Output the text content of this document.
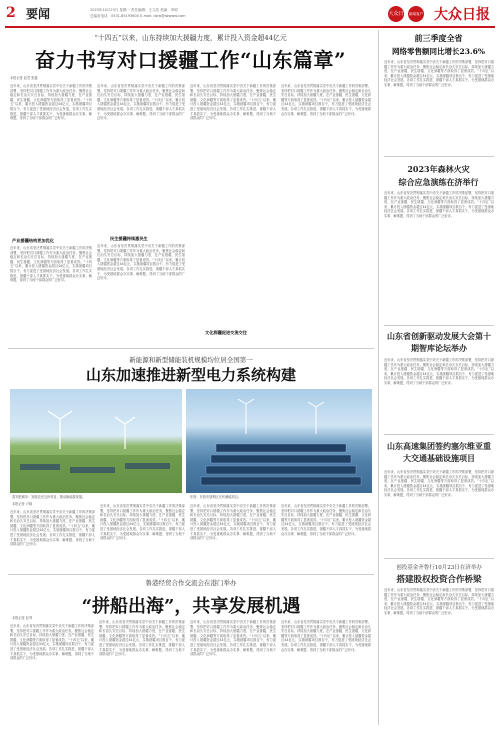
2 要闻	2023年10月23日 星期一 责任编辑：王文浩 美编：李明
总编室电话：0531-85193600 E-mail: dzrb@dzwww.com	大众日报
新闻客户端
大众日报
“十四五”以来，山东持续加大援疆力度，累计投入资金超44亿元
奋力书写对口援疆工作“山东篇章”
本报记者 赵君 张鑫
近年来，山东省坚决贯彻落实党中央关于新疆工作的决策部署，坚持把对口援疆工作作为重大政治任务，聚焦社会稳定和长治久安总目标，持续加大援疆力度，在产业援疆、民生援疆、文化润疆等方面取得了显著成效。“十四五”以来，累计投入援疆资金超过44亿元，实施援疆项目数百个，有力促进了受援地经济社会发展。各项工作扎实推进，援疆干部人才真抓实干，为受援地群众办实事、解难题，得到了当地干部群众的广泛好评。
产业援疆结构更加优化
近年来，山东省坚决贯彻落实党中央关于新疆工作的决策部署，坚持把对口援疆工作作为重大政治任务，聚焦社会稳定和长治久安总目标，持续加大援疆力度，在产业援疆、民生援疆、文化润疆等方面取得了显著成效。“十四五”以来，累计投入援疆资金超过44亿元，实施援疆项目数百个，有力促进了受援地经济社会发展。各项工作扎实推进，援疆干部人才真抓实干，为受援地群众办实事、解难题，得到了当地干部群众的广泛好评。
近年来，山东省坚决贯彻落实党中央关于新疆工作的决策部署，坚持把对口援疆工作作为重大政治任务，聚焦社会稳定和长治久安总目标，持续加大援疆力度，在产业援疆、民生援疆、文化润疆等方面取得了显著成效。“十四五”以来，累计投入援疆资金超过44亿元，实施援疆项目数百个，有力促进了受援地经济社会发展。各项工作扎实推进，援疆干部人才真抓实干，为受援地群众办实事、解难题，得到了当地干部群众的广泛好评。
民生援疆持续惠民生
近年来，山东省坚决贯彻落实党中央关于新疆工作的决策部署，坚持把对口援疆工作作为重大政治任务，聚焦社会稳定和长治久安总目标，持续加大援疆力度，在产业援疆、民生援疆、文化润疆等方面取得了显著成效。“十四五”以来，累计投入援疆资金超过44亿元，实施援疆项目数百个，有力促进了受援地经济社会发展。各项工作扎实推进，援疆干部人才真抓实干，为受援地群众办实事、解难题，得到了当地干部群众的广泛好评。
近年来，山东省坚决贯彻落实党中央关于新疆工作的决策部署，坚持把对口援疆工作作为重大政治任务，聚焦社会稳定和长治久安总目标，持续加大援疆力度，在产业援疆、民生援疆、文化润疆等方面取得了显著成效。“十四五”以来，累计投入援疆资金超过44亿元，实施援疆项目数百个，有力促进了受援地经济社会发展。各项工作扎实推进，援疆干部人才真抓实干，为受援地群众办实事、解难题，得到了当地干部群众的广泛好评。
文化润疆促进交流交往
近年来，山东省坚决贯彻落实党中央关于新疆工作的决策部署，坚持把对口援疆工作作为重大政治任务，聚焦社会稳定和长治久安总目标，持续加大援疆力度，在产业援疆、民生援疆、文化润疆等方面取得了显著成效。“十四五”以来，累计投入援疆资金超过44亿元，实施援疆项目数百个，有力促进了受援地经济社会发展。各项工作扎实推进，援疆干部人才真抓实干，为受援地群众办实事、解难题，得到了当地干部群众的广泛好评。
前三季度全省
网络零售额同比增长23.6%
近年来，山东省坚决贯彻落实党中央关于新疆工作的决策部署，坚持把对口援疆工作作为重大政治任务，聚焦社会稳定和长治久安总目标，持续加大援疆力度，在产业援疆、民生援疆、文化润疆等方面取得了显著成效。“十四五”以来，累计投入援疆资金超过44亿元，实施援疆项目数百个，有力促进了受援地经济社会发展。各项工作扎实推进，援疆干部人才真抓实干，为受援地群众办实事、解难题，得到了当地干部群众的广泛好评。
2023年森林火灾
综合应急演练在济举行
近年来，山东省坚决贯彻落实党中央关于新疆工作的决策部署，坚持把对口援疆工作作为重大政治任务，聚焦社会稳定和长治久安总目标，持续加大援疆力度，在产业援疆、民生援疆、文化润疆等方面取得了显著成效。“十四五”以来，累计投入援疆资金超过44亿元，实施援疆项目数百个，有力促进了受援地经济社会发展。各项工作扎实推进，援疆干部人才真抓实干，为受援地群众办实事、解难题，得到了当地干部群众的广泛好评。
山东省创新驱动发展大会第十期智库论坛举办
近年来，山东省坚决贯彻落实党中央关于新疆工作的决策部署，坚持把对口援疆工作作为重大政治任务，聚焦社会稳定和长治久安总目标，持续加大援疆力度，在产业援疆、民生援疆、文化润疆等方面取得了显著成效。“十四五”以来，累计投入援疆资金超过44亿元，实施援疆项目数百个，有力促进了受援地经济社会发展。各项工作扎实推进，援疆干部人才真抓实干，为受援地群众办实事、解难题，得到了当地干部群众的广泛好评。
山东高速集团签约塞尔维亚重大交通基础设施项目
近年来，山东省坚决贯彻落实党中央关于新疆工作的决策部署，坚持把对口援疆工作作为重大政治任务，聚焦社会稳定和长治久安总目标，持续加大援疆力度，在产业援疆、民生援疆、文化润疆等方面取得了显著成效。“十四五”以来，累计投入援疆资金超过44亿元，实施援疆项目数百个，有力促进了受援地经济社会发展。各项工作扎实推进，援疆干部人才真抓实干，为受援地群众办实事、解难题，得到了当地干部群众的广泛好评。
创投基金齐鲁行10月23日在济举办
搭建股权投资合作桥梁
近年来，山东省坚决贯彻落实党中央关于新疆工作的决策部署，坚持把对口援疆工作作为重大政治任务，聚焦社会稳定和长治久安总目标，持续加大援疆力度，在产业援疆、民生援疆、文化润疆等方面取得了显著成效。“十四五”以来，累计投入援疆资金超过44亿元，实施援疆项目数百个，有力促进了受援地经济社会发展。各项工作扎实推进，援疆干部人才真抓实干，为受援地群众办实事、解难题，得到了当地干部群众的广泛好评。
新能源和新型储能装机规模均位居全国第一
山东加速推进新型电力系统构建
泰安肥城市：发展农光互补项目，推动新能源发展。	东营：东营市垦利区光伏储能项目。
本报记者 卢晓
近年来，山东省坚决贯彻落实党中央关于新疆工作的决策部署，坚持把对口援疆工作作为重大政治任务，聚焦社会稳定和长治久安总目标，持续加大援疆力度，在产业援疆、民生援疆、文化润疆等方面取得了显著成效。“十四五”以来，累计投入援疆资金超过44亿元，实施援疆项目数百个，有力促进了受援地经济社会发展。各项工作扎实推进，援疆干部人才真抓实干，为受援地群众办实事、解难题，得到了当地干部群众的广泛好评。
近年来，山东省坚决贯彻落实党中央关于新疆工作的决策部署，坚持把对口援疆工作作为重大政治任务，聚焦社会稳定和长治久安总目标，持续加大援疆力度，在产业援疆、民生援疆、文化润疆等方面取得了显著成效。“十四五”以来，累计投入援疆资金超过44亿元，实施援疆项目数百个，有力促进了受援地经济社会发展。各项工作扎实推进，援疆干部人才真抓实干，为受援地群众办实事、解难题，得到了当地干部群众的广泛好评。
近年来，山东省坚决贯彻落实党中央关于新疆工作的决策部署，坚持把对口援疆工作作为重大政治任务，聚焦社会稳定和长治久安总目标，持续加大援疆力度，在产业援疆、民生援疆、文化润疆等方面取得了显著成效。“十四五”以来，累计投入援疆资金超过44亿元，实施援疆项目数百个，有力促进了受援地经济社会发展。各项工作扎实推进，援疆干部人才真抓实干，为受援地群众办实事、解难题，得到了当地干部群众的广泛好评。
近年来，山东省坚决贯彻落实党中央关于新疆工作的决策部署，坚持把对口援疆工作作为重大政治任务，聚焦社会稳定和长治久安总目标，持续加大援疆力度，在产业援疆、民生援疆、文化润疆等方面取得了显著成效。“十四五”以来，累计投入援疆资金超过44亿元，实施援疆项目数百个，有力促进了受援地经济社会发展。各项工作扎实推进，援疆干部人才真抓实干，为受援地群众办实事、解难题，得到了当地干部群众的广泛好评。
鲁港经贸合作交流会在港门举办
“拼船出海”，共享发展机遇
本报记者 赵秀
近年来，山东省坚决贯彻落实党中央关于新疆工作的决策部署，坚持把对口援疆工作作为重大政治任务，聚焦社会稳定和长治久安总目标，持续加大援疆力度，在产业援疆、民生援疆、文化润疆等方面取得了显著成效。“十四五”以来，累计投入援疆资金超过44亿元，实施援疆项目数百个，有力促进了受援地经济社会发展。各项工作扎实推进，援疆干部人才真抓实干，为受援地群众办实事、解难题，得到了当地干部群众的广泛好评。
近年来，山东省坚决贯彻落实党中央关于新疆工作的决策部署，坚持把对口援疆工作作为重大政治任务，聚焦社会稳定和长治久安总目标，持续加大援疆力度，在产业援疆、民生援疆、文化润疆等方面取得了显著成效。“十四五”以来，累计投入援疆资金超过44亿元，实施援疆项目数百个，有力促进了受援地经济社会发展。各项工作扎实推进，援疆干部人才真抓实干，为受援地群众办实事、解难题，得到了当地干部群众的广泛好评。
近年来，山东省坚决贯彻落实党中央关于新疆工作的决策部署，坚持把对口援疆工作作为重大政治任务，聚焦社会稳定和长治久安总目标，持续加大援疆力度，在产业援疆、民生援疆、文化润疆等方面取得了显著成效。“十四五”以来，累计投入援疆资金超过44亿元，实施援疆项目数百个，有力促进了受援地经济社会发展。各项工作扎实推进，援疆干部人才真抓实干，为受援地群众办实事、解难题，得到了当地干部群众的广泛好评。
近年来，山东省坚决贯彻落实党中央关于新疆工作的决策部署，坚持把对口援疆工作作为重大政治任务，聚焦社会稳定和长治久安总目标，持续加大援疆力度，在产业援疆、民生援疆、文化润疆等方面取得了显著成效。“十四五”以来，累计投入援疆资金超过44亿元，实施援疆项目数百个，有力促进了受援地经济社会发展。各项工作扎实推进，援疆干部人才真抓实干，为受援地群众办实事、解难题，得到了当地干部群众的广泛好评。
